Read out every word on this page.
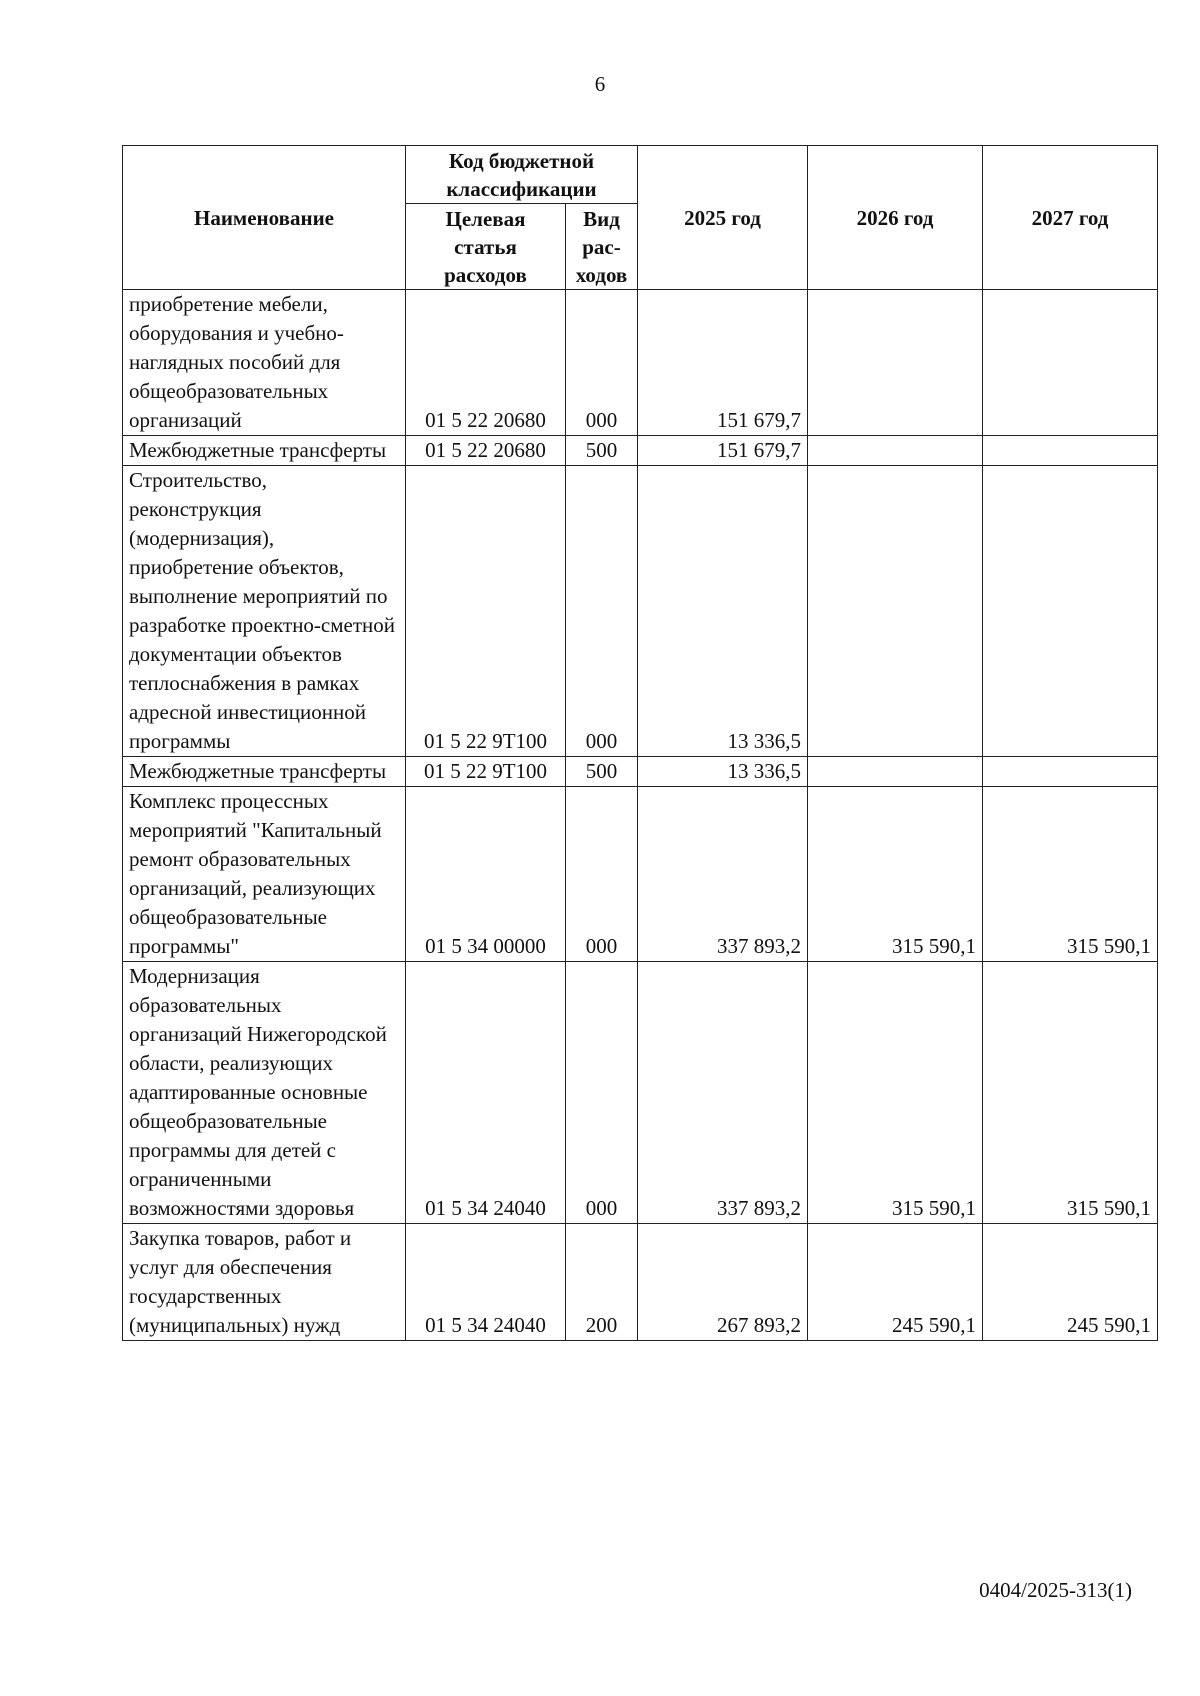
6
Наименование	Код бюджетной классификации		2025 год	2026 год	2027 год
	Целевая статья расходов	Вид рас-ходов			
приобретение мебели, оборудования и учебно-наглядных пособий для общеобразовательных организаций	01 5 22 20680	000	151 679,7		
Межбюджетные трансферты	01 5 22 20680	500	151 679,7		
Строительство, реконструкция (модернизация), приобретение объектов, выполнение мероприятий по разработке проектно-сметной документации объектов теплоснабжения в рамках адресной инвестиционной программы	01 5 22 9Т100	000	13 336,5		
Межбюджетные трансферты	01 5 22 9Т100	500	13 336,5		
Комплекс процессных мероприятий "Капитальный ремонт образовательных организаций, реализующих общеобразовательные программы"	01 5 34 00000	000	337 893,2	315 590,1	315 590,1
Модернизация образовательных организаций Нижегородской области, реализующих адаптированные основные общеобразовательные программы для детей с ограниченными возможностями здоровья	01 5 34 24040	000	337 893,2	315 590,1	315 590,1
Закупка товаров, работ и услуг для обеспечения государственных (муниципальных) нужд	01 5 34 24040	200	267 893,2	245 590,1	245 590,1
0404/2025-313(1)
